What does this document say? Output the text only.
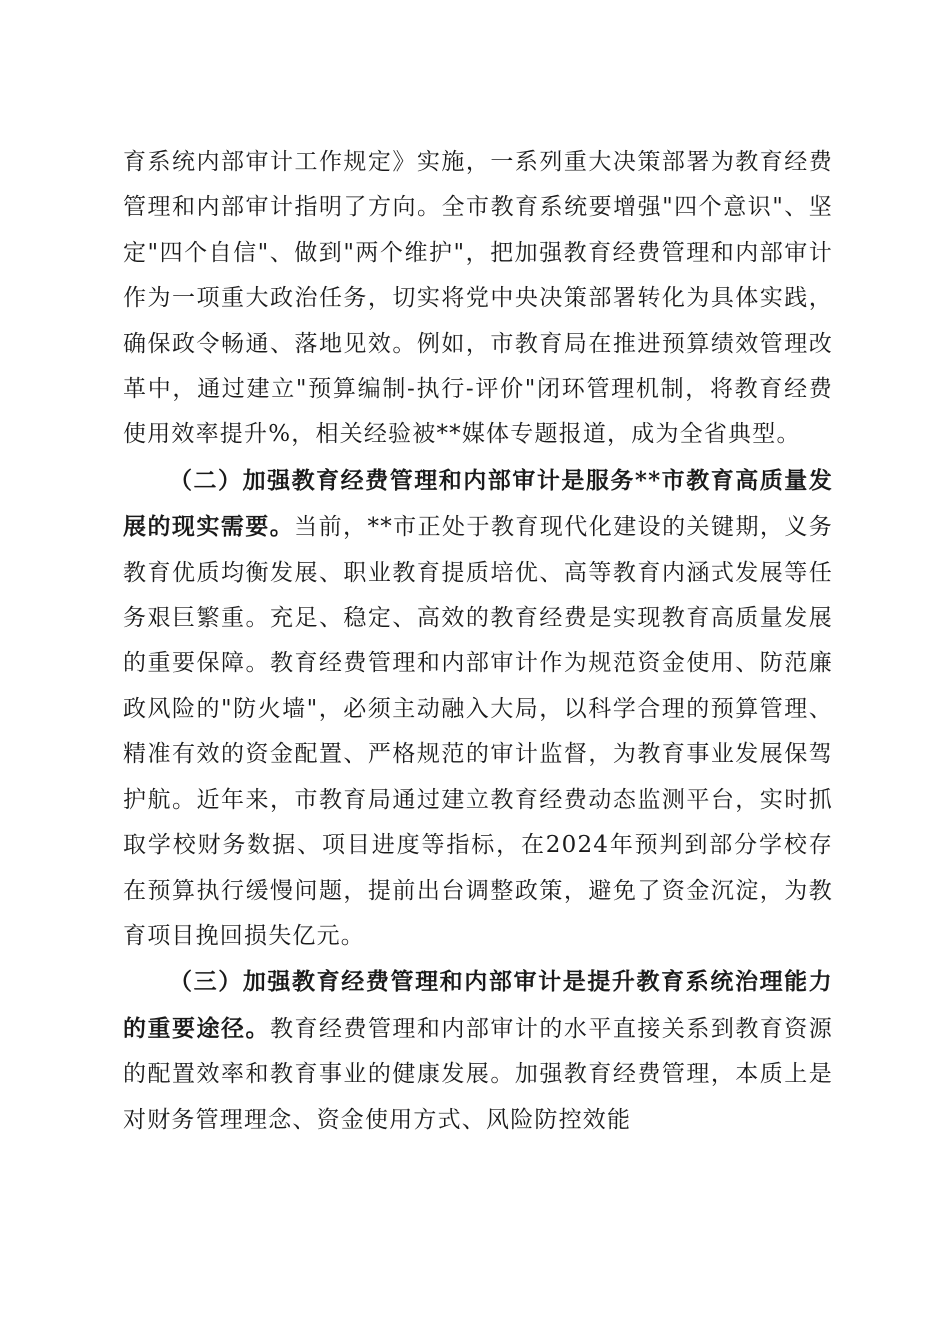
育系统内部审计工作规定》实施，一系列重大决策部署为教育经费管理和内部审计指明了方向。全市教育系统要增强"四个意识"、坚定"四个自信"、做到"两个维护"，把加强教育经费管理和内部审计作为一项重大政治任务，切实将党中央决策部署转化为具体实践，确保政令畅通、落地见效。例如，市教育局在推进预算绩效管理改革中，通过建立"预算编制-执行-评价"闭环管理机制，将教育经费使用效率提升%，相关经验被**媒体专题报道，成为全省典型。

（二）加强教育经费管理和内部审计是服务**市教育高质量发展的现实需要。当前，**市正处于教育现代化建设的关键期，义务教育优质均衡发展、职业教育提质培优、高等教育内涵式发展等任务艰巨繁重。充足、稳定、高效的教育经费是实现教育高质量发展的重要保障。教育经费管理和内部审计作为规范资金使用、防范廉政风险的"防火墙"，必须主动融入大局，以科学合理的预算管理、精准有效的资金配置、严格规范的审计监督，为教育事业发展保驾护航。近年来，市教育局通过建立教育经费动态监测平台，实时抓取学校财务数据、项目进度等指标，在2024年预判到部分学校存在预算执行缓慢问题，提前出台调整政策，避免了资金沉淀，为教育项目挽回损失亿元。

（三）加强教育经费管理和内部审计是提升教育系统治理能力的重要途径。教育经费管理和内部审计的水平直接关系到教育资源的配置效率和教育事业的健康发展。加强教育经费管理，本质上是对财务管理理念、资金使用方式、风险防控效能
